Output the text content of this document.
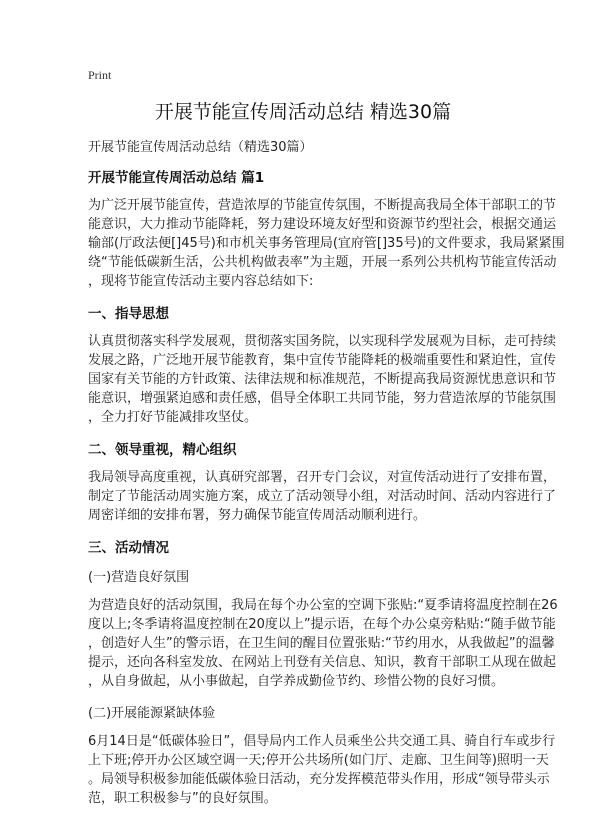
Print
开展节能宣传周活动总结 精选30篇
开展节能宣传周活动总结（精选30篇）
开展节能宣传周活动总结 篇1
为广泛开展节能宣传，营造浓厚的节能宣传氛围，不断提高我局全体干部职工的节
能意识，大力推动节能降耗，努力建设环境友好型和资源节约型社会，根据交通运
输部(厅政法便[]45号)和市机关事务管理局(宜府管[]35号)的文件要求，我局紧紧围
绕“节能低碳新生活，公共机构做表率”为主题，开展一系列公共机构节能宣传活动
，现将节能宣传活动主要内容总结如下:
一、指导思想
认真贯彻落实科学发展观，贯彻落实国务院，以实现科学发展观为目标，走可持续
发展之路，广泛地开展节能教育，集中宣传节能降耗的极端重要性和紧迫性，宣传
国家有关节能的方针政策、法律法规和标准规范，不断提高我局资源忧患意识和节
能意识，增强紧迫感和责任感，倡导全体职工共同节能，努力营造浓厚的节能氛围
，全力打好节能减排攻坚仗。
二、领导重视，精心组织
我局领导高度重视，认真研究部署，召开专门会议，对宣传活动进行了安排布置，
制定了节能活动周实施方案，成立了活动领导小组，对活动时间、活动内容进行了
周密详细的安排布署，努力确保节能宣传周活动顺利进行。
三、活动情况
(一)营造良好氛围
为营造良好的活动氛围，我局在每个办公室的空调下张贴:“夏季请将温度控制在26
度以上;冬季请将温度控制在20度以上”提示语，在每个办公桌旁粘贴:“随手做节能
，创造好人生”的警示语，在卫生间的醒目位置张贴:“节约用水，从我做起”的温馨
提示，还向各科室发放、在网站上刊登有关信息、知识，教育干部职工从现在做起
，从自身做起，从小事做起，自学养成勤俭节约、珍惜公物的良好习惯。
(二)开展能源紧缺体验
6月14日是“低碳体验日”，倡导局内工作人员乘坐公共交通工具、骑自行车或步行
上下班;停开办公区域空调一天;停开公共场所(如门厅、走廊、卫生间等)照明一天
。局领导积极参加能低碳体验日活动，充分发挥模范带头作用，形成“领导带头示
范，职工积极参与”的良好氛围。
